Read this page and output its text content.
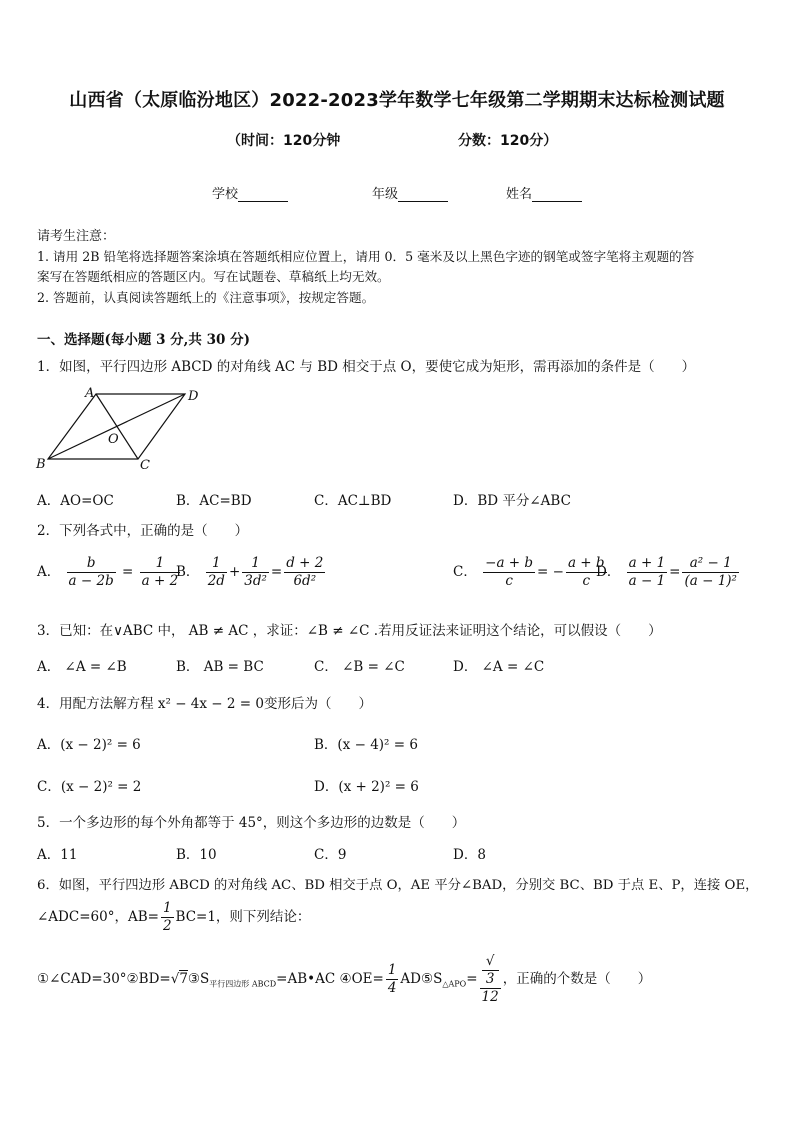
山西省（太原临汾地区）2022-2023学年数学七年级第二学期期末达标检测试题
（时间：120分钟	分数：120分）
学校	年级	姓名
请考生注意：
1. 请用 2B 铅笔将选择题答案涂填在答题纸相应位置上，请用 0．5 毫米及以上黑色字迹的钢笔或签字笔将主观题的答
案写在答题纸相应的答题区内。写在试题卷、草稿纸上均无效。
2. 答题前，认真阅读答题纸上的《注意事项》，按规定答题。
一、选择题(每小题 3 分,共 30 分)
1．如图，平行四边形 ABCD 的对角线 AC 与 BD 相交于点 O，要使它成为矩形，需再添加的条件是（　　）
A	D
O
B	C
A．AO=OC	B．AC=BD	C．AC⊥BD	D．BD 平分∠ABC
2．下列各式中，正确的是（　　）
A． $\frac{b}{a - 2b} = \frac{1}{a + 2}$
B． $\frac{1}{2d} + \frac{1}{\text{3d²}} = \frac{d + 2}{\text{6d²}}$	C． $\frac{-a + b}{c}$ = − $\frac{a + b}{c}$
D． $\frac{a + 1}{a - 1} = \frac{\text{a² − 1}}{\text{(a − 1)²}}$
3．已知：在∨ABC 中， AB ≠ AC ，求证：∠B ≠ ∠C .若用反证法来证明这个结论，可以假设（　　）
A． ∠A = ∠B	B． AB = BC	C． ∠B = ∠C	D． ∠A = ∠C
4．用配方法解方程 x² − 4x − 2 = 0变形后为（　　）
A．(x − 2)² = 6	B．(x − 4)² = 6
C．(x − 2)² = 2	D．(x + 2)² = 6
5．一个多边形的每个外角都等于 45°，则这个多边形的边数是（　　）
A．11	B．10	C．9	D．8
6．如图，平行四边形 ABCD 的对角线 AC、BD 相交于点 O，AE 平分∠BAD，分别交 BC、BD 于点 E、P，连接 OE，
∠ADC=60°，$AB= \frac{1}{2} BC=1$，则下列结论：
$①\angle CAD=30^\circ ②BD=√7③S_{平行四边形 ABCD}=AB•AC$ ④OE= $\frac{1}{4}$ $AD⑤S_{\triangle APO}=$ √
3
12 ，正确的个数是（　　）
